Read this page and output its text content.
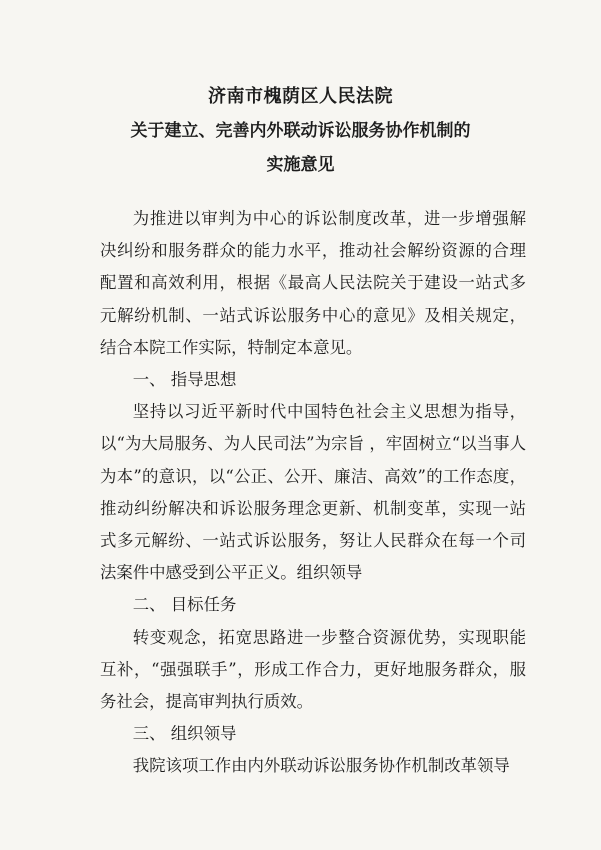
济南市槐荫区人民法院
关于建立、完善内外联动诉讼服务协作机制的
实施意见

为推进以审判为中心的诉讼制度改革，进一步增强解决纠纷和服务群众的能力水平，推动社会解纷资源的合理配置和高效利用，根据《最高人民法院关于建设一站式多元解纷机制、一站式诉讼服务中心的意见》及相关规定，结合本院工作实际，特制定本意见。

一、 指导思想

坚持以习近平新时代中国特色社会主义思想为指导，以“为大局服务、为人民司法”为宗旨 ，牢固树立“以当事人为本”的意识，以“公正、公开、廉洁、高效”的工作态度，推动纠纷解决和诉讼服务理念更新、机制变革，实现一站式多元解纷、一站式诉讼服务，努让人民群众在每一个司法案件中感受到公平正义。组织领导

二、 目标任务

转变观念，拓宽思路进一步整合资源优势，实现职能互补，“强强联手”，形成工作合力，更好地服务群众，服务社会，提高审判执行质效。

三、 组织领导

我院该项工作由内外联动诉讼服务协作机制改革领导
